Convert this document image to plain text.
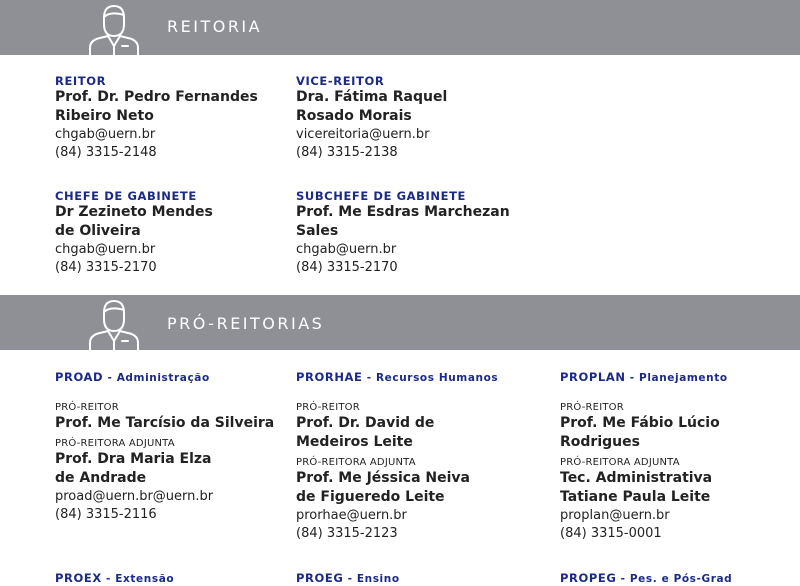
REITORIA
REITOR
Prof. Dr. Pedro Fernandes
Ribeiro Neto
chgab@uern.br
(84) 3315-2148
VICE-REITOR
Dra. Fátima Raquel
Rosado Morais
vicereitoria@uern.br
(84) 3315-2138
CHEFE DE GABINETE
Dr Zezineto Mendes
de Oliveira
chgab@uern.br
(84) 3315-2170
SUBCHEFE DE GABINETE
Prof. Me Esdras Marchezan
Sales
chgab@uern.br
(84) 3315-2170
PRÓ-REITORIAS
PROAD - Administração
PRÓ-REITOR
Prof. Me Tarcísio da Silveira
PRÓ-REITORA ADJUNTA
Prof. Dra Maria Elza
de Andrade
proad@uern.br@uern.br
(84) 3315-2116
PRORHAE - Recursos Humanos
PRÓ-REITOR
Prof. Dr. David de
Medeiros Leite
PRÓ-REITORA ADJUNTA
Prof. Me Jéssica Neiva
de Figueredo Leite
prorhae@uern.br
(84) 3315-2123
PROPLAN - Planejamento
PRÓ-REITOR
Prof. Me Fábio Lúcio
Rodrigues
PRÓ-REITORA ADJUNTA
Tec. Administrativa
Tatiane Paula Leite
proplan@uern.br
(84) 3315-0001
PROEX - Extensão	PROEG - Ensino	PROPEG - Pes. e Pós-Grad
